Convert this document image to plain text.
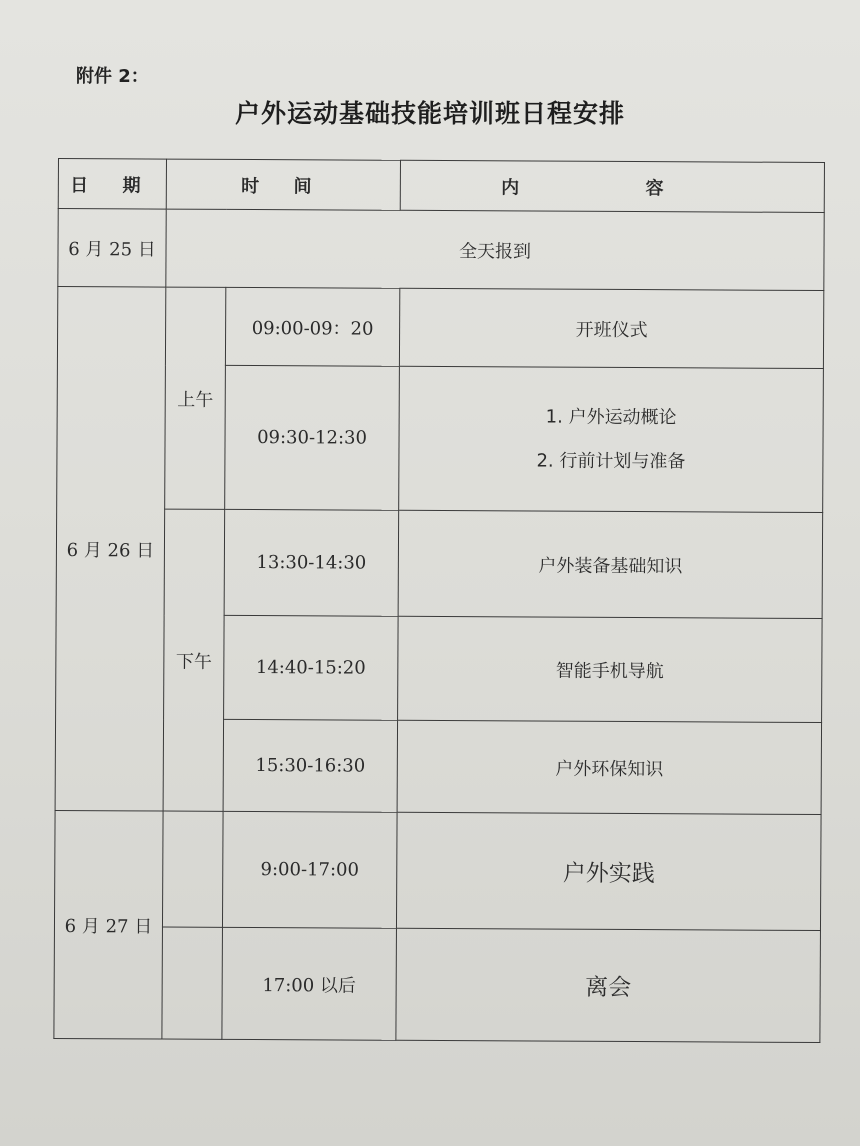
附件 2：
户外运动基础技能培训班日程安排
日 期	时 间		内 容
6 月 25 日	全天报到		
6 月 26 日	上午	09:00-09：20	开班仪式
		09:30-12:30	1. 户外运动概论
2. 行前计划与准备

	下午	13:30-14:30	户外装备基础知识
		14:40-15:20	智能手机导航
		15:30-16:30	户外环保知识
6 月 27 日		9:00-17:00	户外实践
		17:00 以后	离会
